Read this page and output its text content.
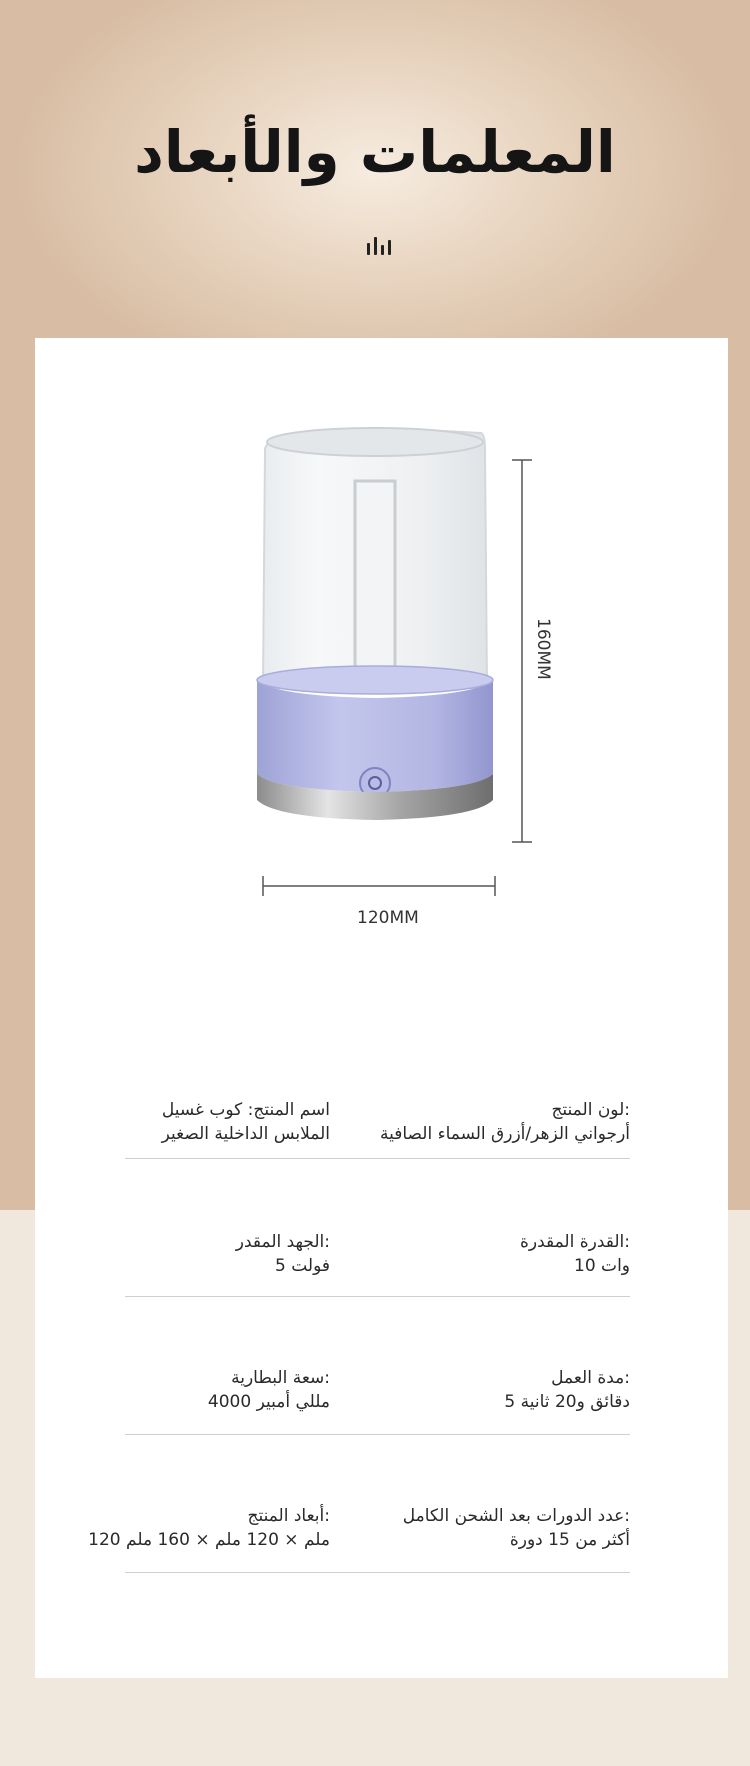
المعلمات والأبعاد
120MM
160MM
:لون المنتج
أرجواني الزهر/أزرق السماء الصافية
اسم المنتج: كوب غسيل
الملابس الداخلية الصغير
:القدرة المقدرة
وات 10
:الجهد المقدر
فولت 5
:مدة العمل
دقائق و20 ثانية 5
:سعة البطارية
مللي أمبير 4000
:عدد الدورات بعد الشحن الكامل
أكثر من 15 دورة
:أبعاد المنتج
ملم × 120 ملم × 160 ملم 120
